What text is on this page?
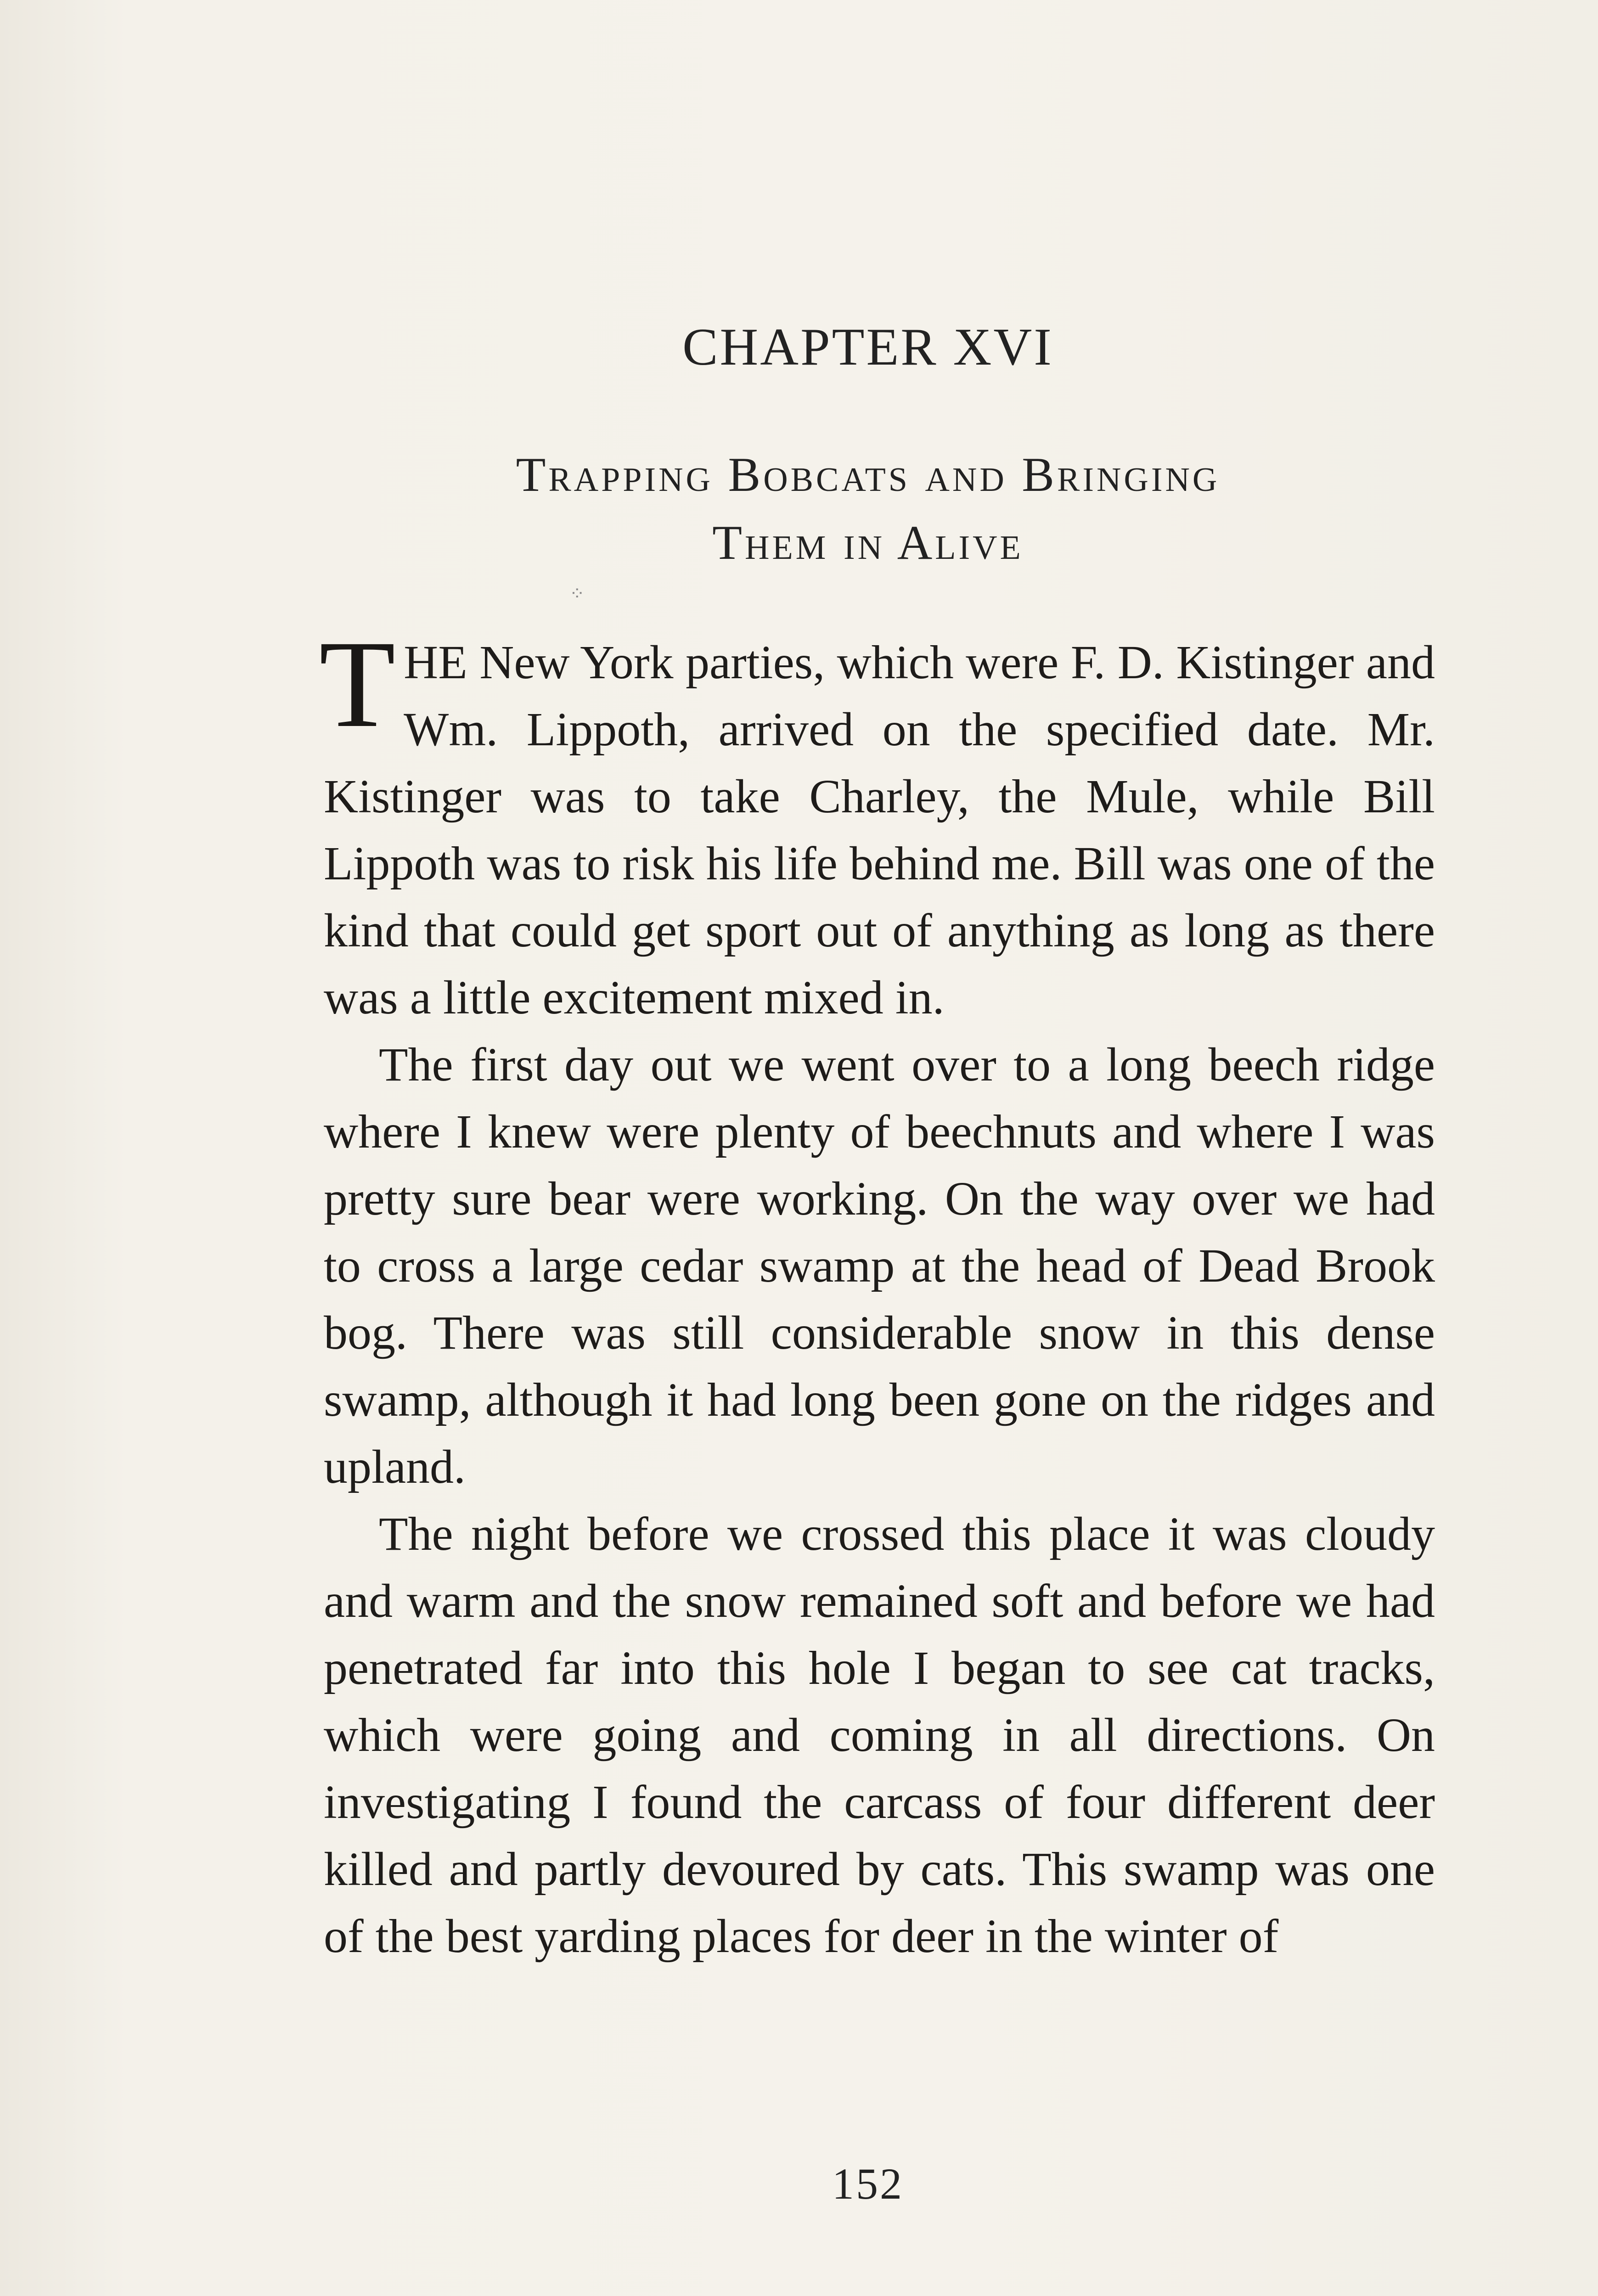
CHAPTER XVI
Trapping Bobcats and Bringing
Them in Alive
⁘

THE New York parties, which were F. D. Kistinger and Wm. Lippoth, arrived on the specified date. Mr. Kistinger was to take Charley, the Mule, while Bill Lippoth was to risk his life behind me. Bill was one of the kind that could get sport out of anything as long as there was a little excitement mixed in.

The first day out we went over to a long beech ridge where I knew were plenty of beechnuts and where I was pretty sure bear were working. On the way over we had to cross a large cedar swamp at the head of Dead Brook bog. There was still considerable snow in this dense swamp, although it had long been gone on the ridges and upland.

The night before we crossed this place it was cloudy and warm and the snow remained soft and before we had penetrated far into this hole I began to see cat tracks, which were going and coming in all directions. On investigating I found the carcass of four different deer killed and partly devoured by cats. This swamp was one of the best yarding places for deer in the winter of

152
